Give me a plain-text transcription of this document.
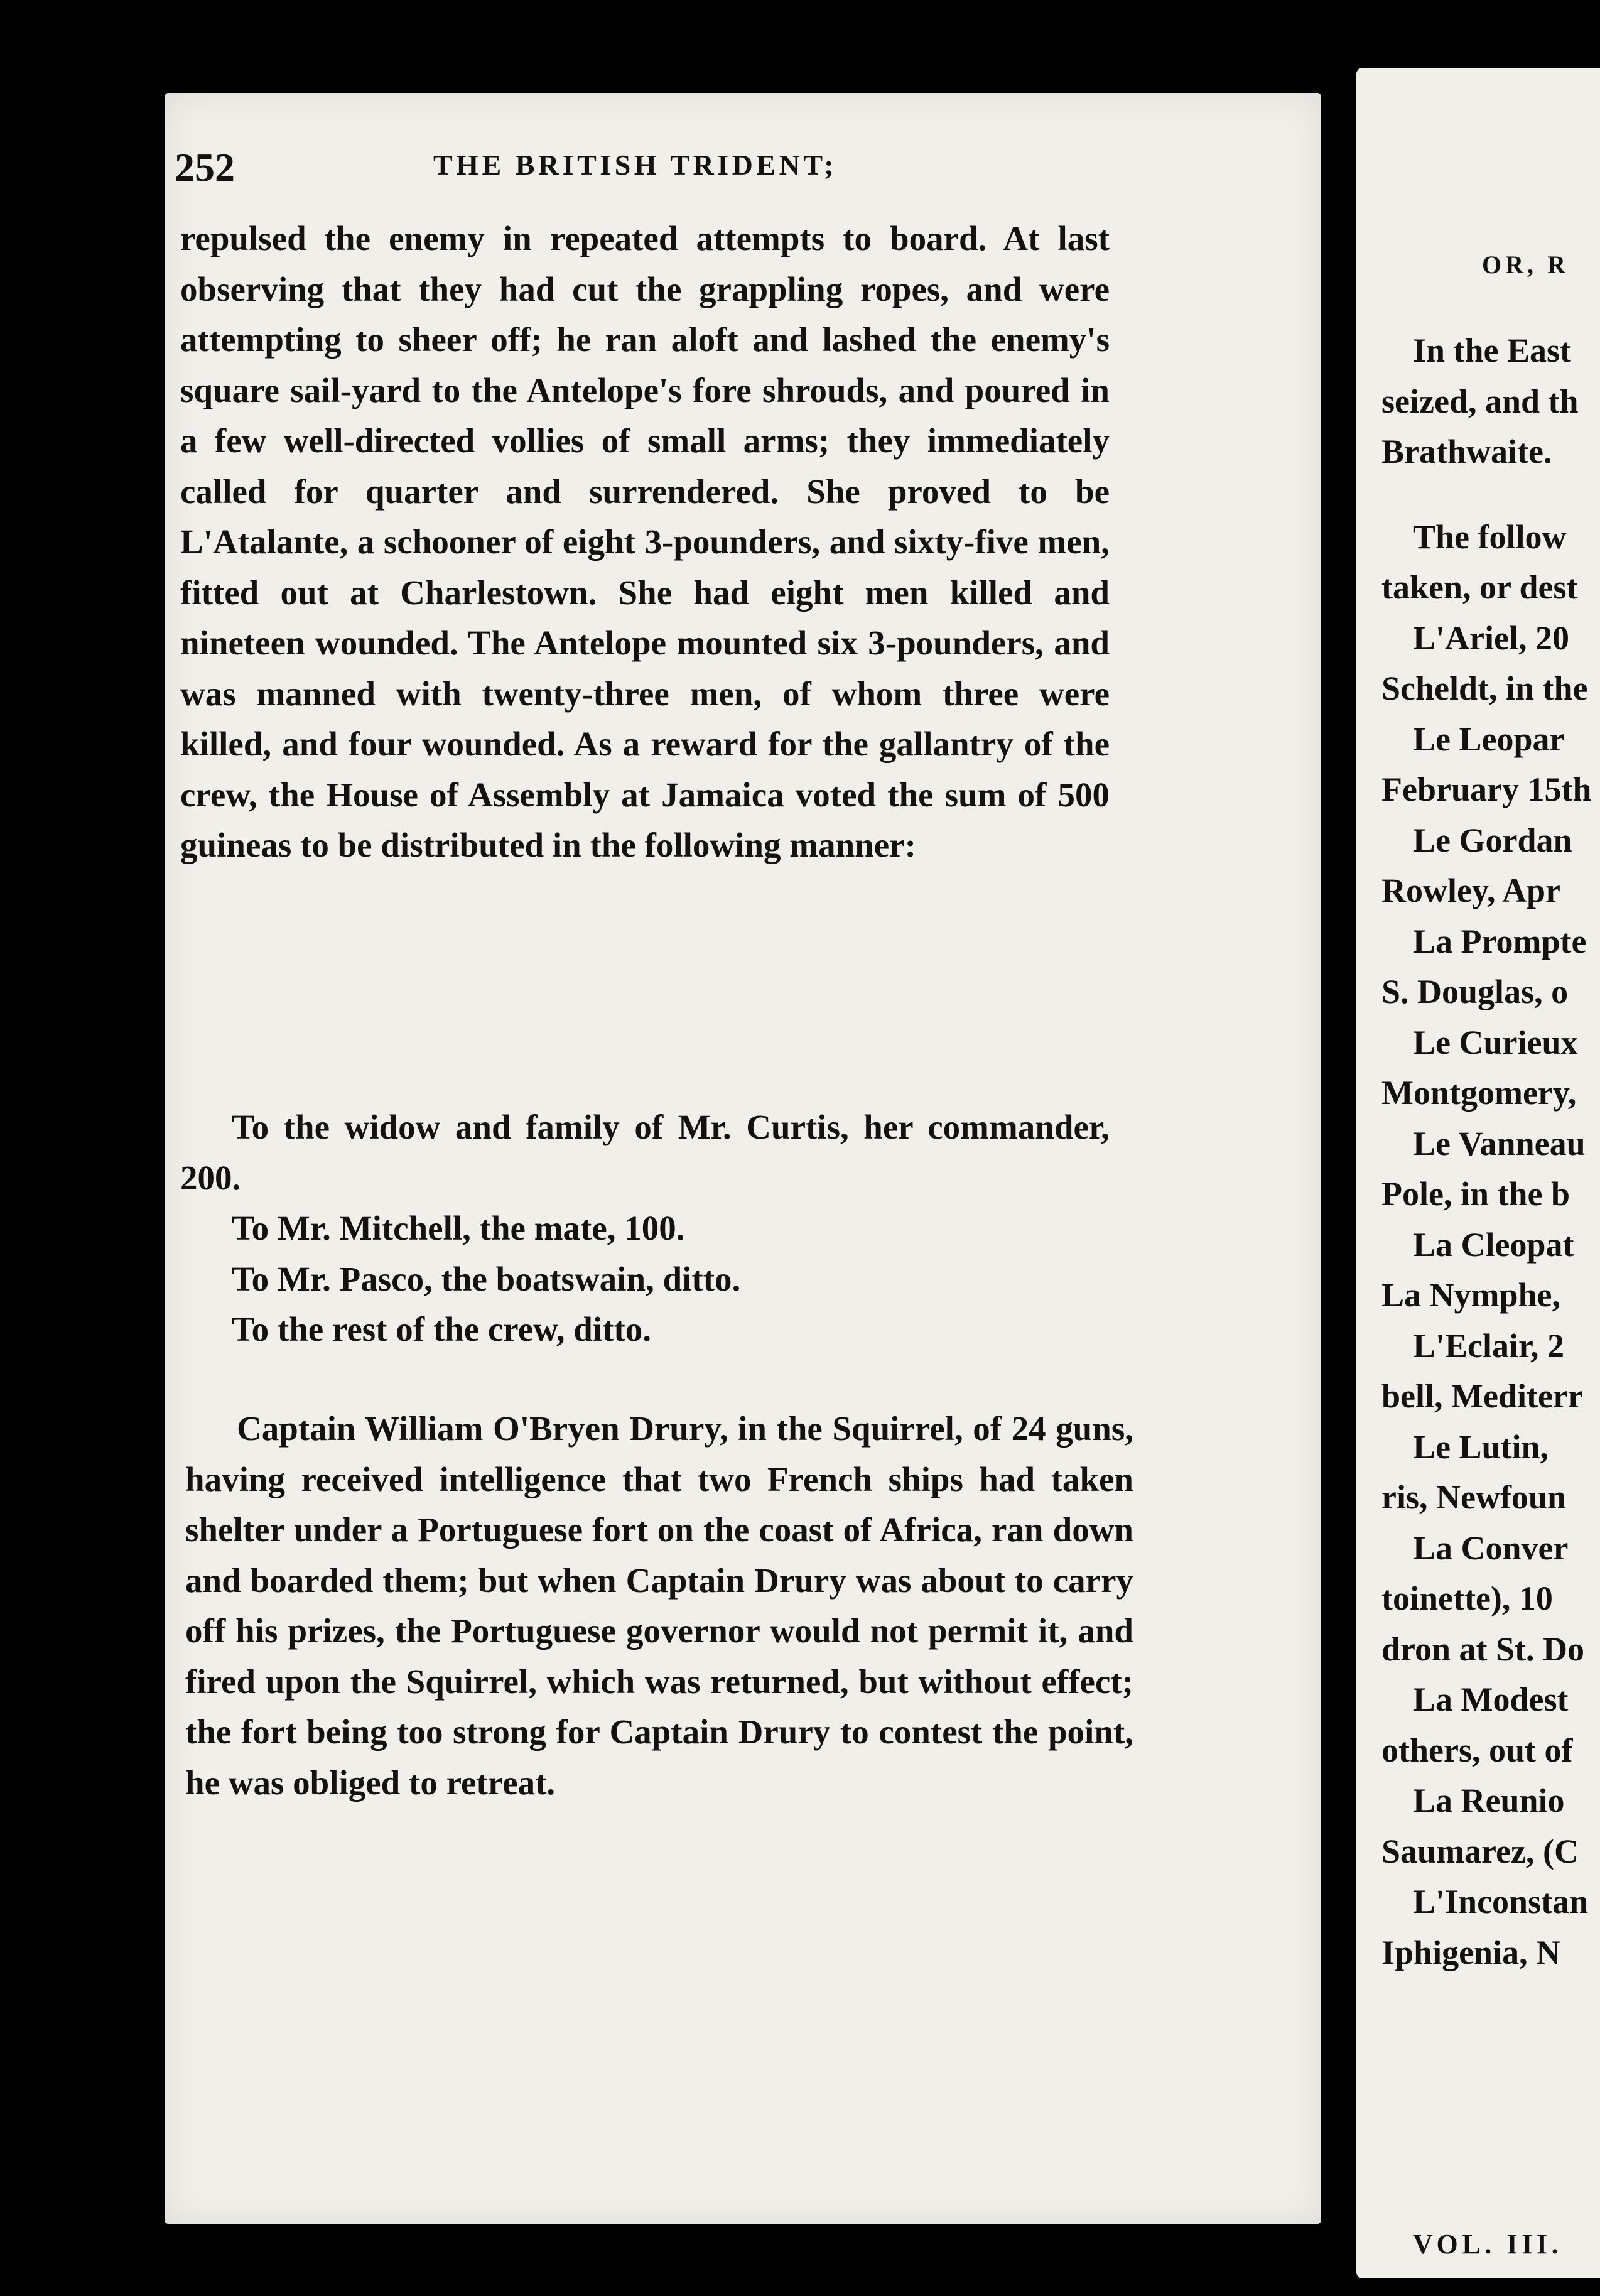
252	THE BRITISH TRIDENT;

repulsed the enemy in repeated attempts to board. At last observing that they had cut the grappling ropes, and were attempting to sheer off; he ran aloft and lashed the enemy's square sail-yard to the Antelope's fore shrouds, and poured in a few well-directed vollies of small arms; they immediately called for quarter and surrendered. She proved to be L'Atalante, a schooner of eight 3-pounders, and sixty-five men, fitted out at Charlestown. She had eight men killed and nineteen wounded. The Antelope mounted six 3-pounders, and was manned with twenty-three men, of whom three were killed, and four wounded. As a reward for the gallantry of the crew, the House of Assembly at Jamaica voted the sum of 500 guineas to be distributed in the following manner:

To the widow and family of Mr. Curtis, her commander, 200.

To Mr. Mitchell, the mate, 100.

To Mr. Pasco, the boatswain, ditto.

To the rest of the crew, ditto.

Captain William O'Bryen Drury, in the Squirrel, of 24 guns, having received intelligence that two French ships had taken shelter under a Portuguese fort on the coast of Africa, ran down and boarded them; but when Captain Drury was about to carry off his prizes, the Portuguese governor would not permit it, and fired upon the Squirrel, which was returned, but without effect; the fort being too strong for Captain Drury to contest the point, he was obliged to retreat.

OR, R
In the East
seized, and th
Brathwaite.
The follow
taken, or dest
L'Ariel, 20
Scheldt, in the
Le Leopar
February 15th
Le Gordan
Rowley, Apr
La Prompte
S. Douglas, o
Le Curieux
Montgomery,
Le Vanneau
Pole, in the b
La Cleopat
La Nymphe,
L'Eclair, 2
bell, Mediterr
Le Lutin,
ris, Newfoun
La Conver
toinette), 10
dron at St. Do
La Modest
others, out of
La Reunio
Saumarez, (C
L'Inconstan
Iphigenia, N
VOL. III.
